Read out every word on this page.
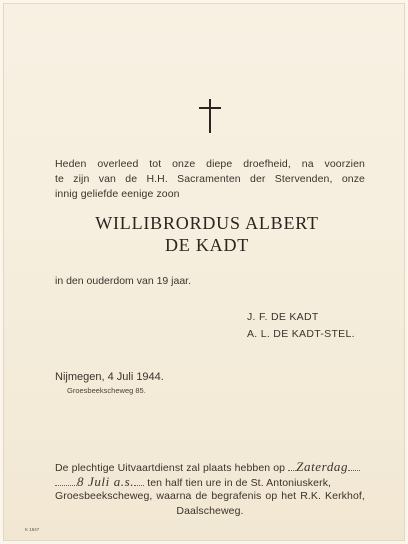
Heden overleed tot onze diepe droefheid, na voorzien
te zijn van de H.H. Sacramenten der Stervenden, onze
innig geliefde eenige zoon
WILLIBRORDUS ALBERT
DE KADT
in den ouderdom van 19 jaar.
J. F. DE KADT
A. L. DE KADT-STEL.
Nijmegen, 4 Juli 1944.
Groesbeekscheweg 85.
De plechtige Uitvaartdienst zal plaats hebben op Zaterdag
8 Juli a.s. ten half tien ure in de St. Antoniuskerk,
Groesbeekscheweg, waarna de begrafenis op het R.K. Kerkhof,
Daalscheweg.
K 1947
